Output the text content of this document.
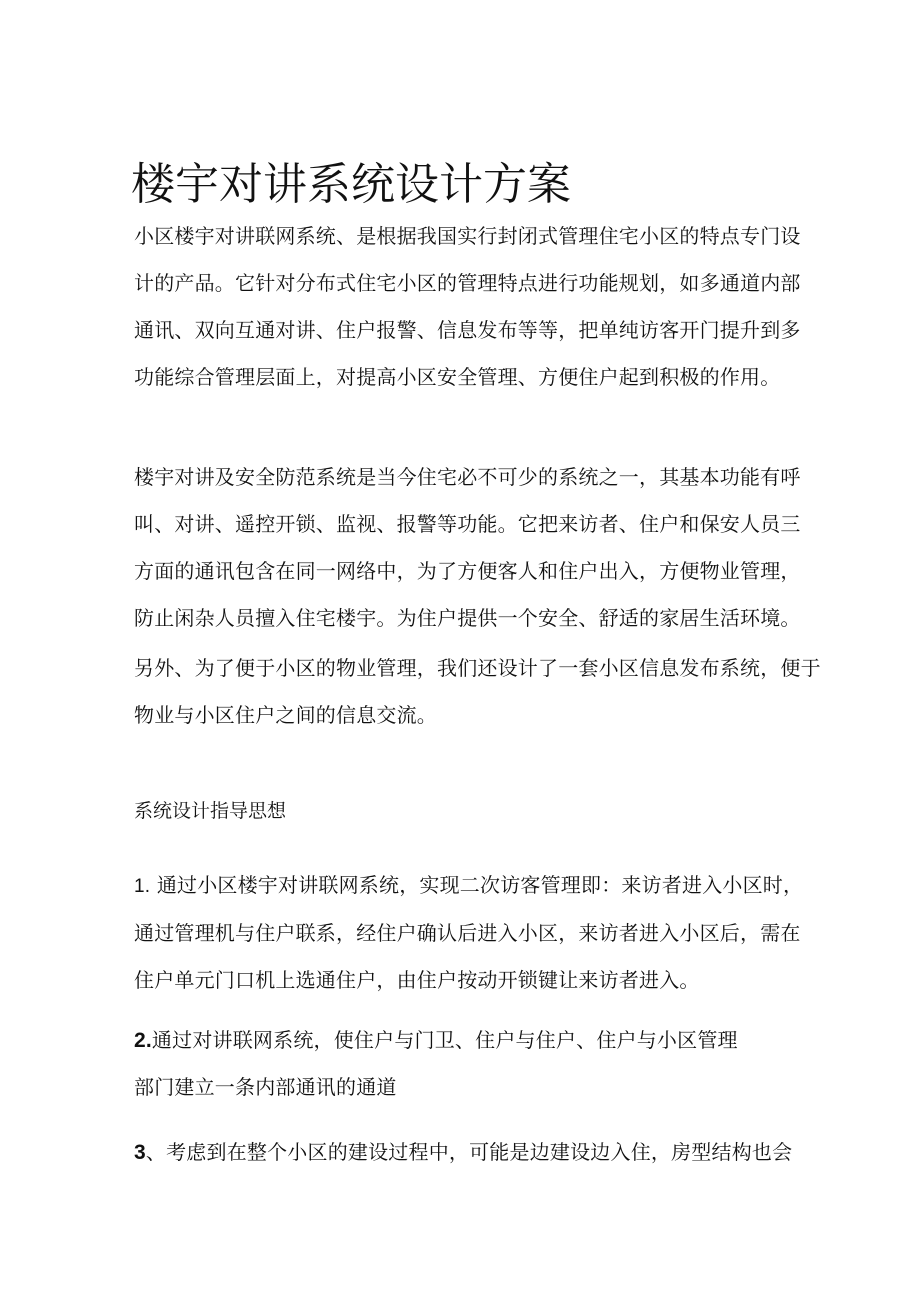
楼宇对讲系统设计方案

小区楼宇对讲联网系统、是根据我国实行封闭式管理住宅小区的特点专门设
计的产品。它针对分布式住宅小区的管理特点进行功能规划，如多通道内部
通讯、双向互通对讲、住户报警、信息发布等等，把单纯访客开门提升到多
功能综合管理层面上，对提高小区安全管理、方便住户起到积极的作用。

楼宇对讲及安全防范系统是当今住宅必不可少的系统之一，其基本功能有呼
叫、对讲、遥控开锁、监视、报警等功能。它把来访者、住户和保安人员三
方面的通讯包含在同一网络中，为了方便客人和住户出入，方便物业管理，
防止闲杂人员擅入住宅楼宇。为住户提供一个安全、舒适的家居生活环境。

另外、为了便于小区的物业管理，我们还设计了一套小区信息发布系统，便于
物业与小区住户之间的信息交流。

系统设计指导思想

1. 通过小区楼宇对讲联网系统，实现二次访客管理即：来访者进入小区时，
通过管理机与住户联系，经住户确认后进入小区，来访者进入小区后，需在
住户单元门口机上选通住户，由住户按动开锁键让来访者进入。

2.通过对讲联网系统，使住户与门卫、住户与住户、住户与小区管理
部门建立一条内部通讯的通道

3、考虑到在整个小区的建设过程中，可能是边建设边入住，房型结构也会
